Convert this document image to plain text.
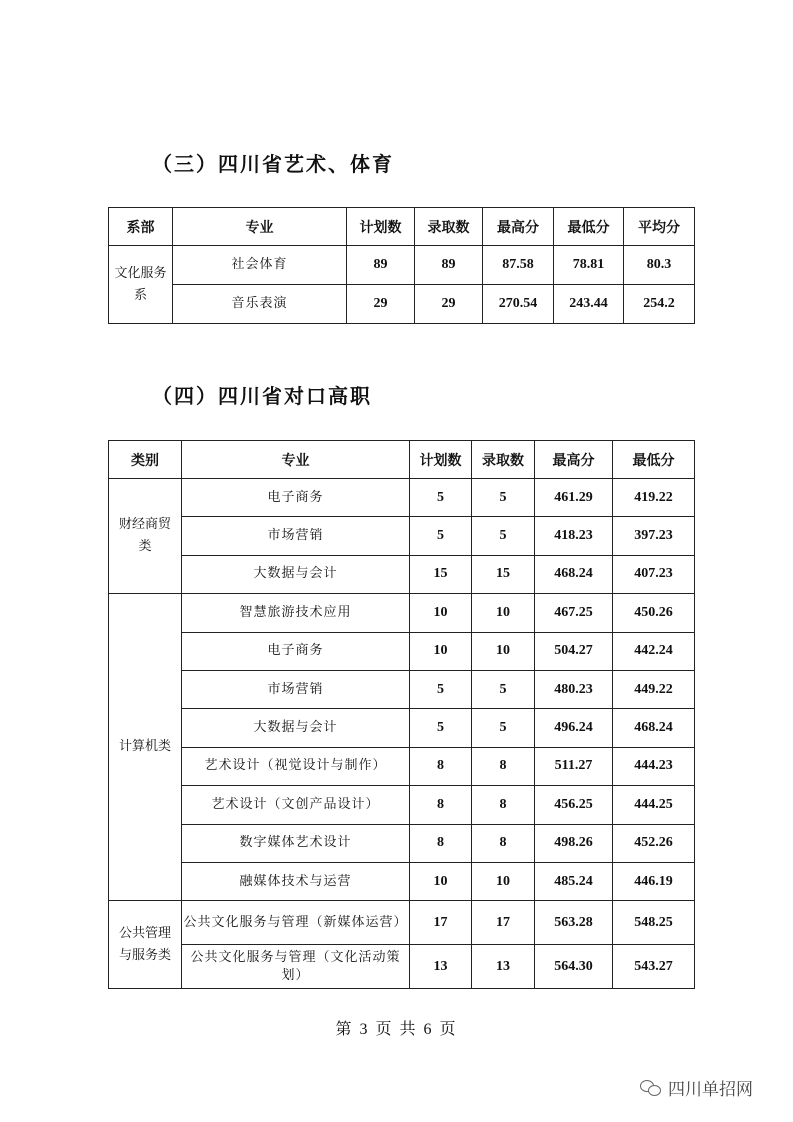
（三）四川省艺术、体育
系部	专业	计划数	录取数	最高分	最低分	平均分
文化服务系	社会体育	89	89	87.58	78.81	80.3
	音乐表演	29	29	270.54	243.44	254.2
（四）四川省对口高职
类别	专业	计划数	录取数	最高分	最低分
财经商贸类	电子商务	5	5	461.29	419.22
	市场营销	5	5	418.23	397.23
	大数据与会计	15	15	468.24	407.23
计算机类	智慧旅游技术应用	10	10	467.25	450.26
	电子商务	10	10	504.27	442.24
	市场营销	5	5	480.23	449.22
	大数据与会计	5	5	496.24	468.24
	艺术设计（视觉设计与制作）	8	8	511.27	444.23
	艺术设计（文创产品设计）	8	8	456.25	444.25
	数字媒体艺术设计	8	8	498.26	452.26
	融媒体技术与运营	10	10	485.24	446.19
公共管理与服务类	公共文化服务与管理（新媒体运营）	17	17	563.28	548.25
	公共文化服务与管理（文化活动策划）	13	13	564.30	543.27
第 3 页 共 6 页
四川单招网
